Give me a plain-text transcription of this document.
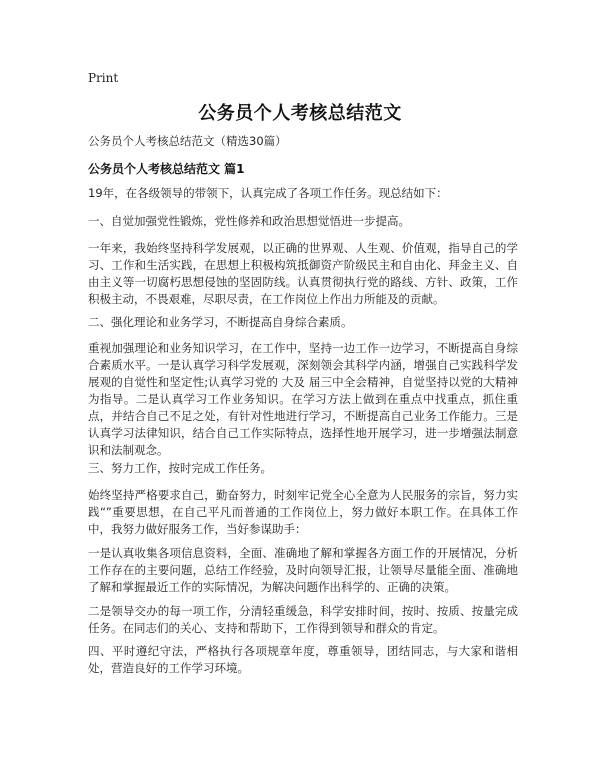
Print
公务员个人考核总结范文
公务员个人考核总结范文（精选30篇）
公务员个人考核总结范文 篇1
19年，在各级领导的带领下，认真完成了各项工作任务。现总结如下：
一、自觉加强党性锻炼，党性修养和政治思想觉悟进一步提高。
一年来，我始终坚持科学发展观，以正确的世界观、人生观、价值观，指导自己的学习、工作和生活实践，在思想上积极构筑抵御资产阶级民主和自由化、拜金主义、自由主义等一切腐朽思想侵蚀的坚固防线。认真贯彻执行党的路线、方针、政策，工作积极主动，不畏艰难，尽职尽责，在工作岗位上作出力所能及的贡献。
二、强化理论和业务学习，不断提高自身综合素质。
重视加强理论和业务知识学习，在工作中，坚持一边工作一边学习，不断提高自身综合素质水平。一是认真学习科学发展观，深刻领会其科学内涵，增强自己实践科学发展观的自觉性和坚定性;认真学习党的 大及 届三中全会精神，自觉坚持以党的大精神为指导。二是认真学习工作业务知识。在学习方法上做到在重点中找重点，抓住重点，并结合自己不足之处，有针对性地进行学习，不断提高自己业务工作能力。三是认真学习法律知识，结合自己工作实际特点，选择性地开展学习，进一步增强法制意识和法制观念。
三、努力工作，按时完成工作任务。
始终坚持严格要求自己，勤奋努力，时刻牢记党全心全意为人民服务的宗旨，努力实践“”重要思想，在自己平凡而普通的工作岗位上，努力做好本职工作。在具体工作中，我努力做好服务工作，当好参谋助手：
一是认真收集各项信息资料，全面、准确地了解和掌握各方面工作的开展情况，分析工作存在的主要问题，总结工作经验，及时向领导汇报，让领导尽量能全面、准确地了解和掌握最近工作的实际情况，为解决问题作出科学的、正确的决策。
二是领导交办的每一项工作，分清轻重缓急，科学安排时间，按时、按质、按量完成任务。在同志们的关心、支持和帮助下，工作得到领导和群众的肯定。
四、平时遵纪守法，严格执行各项规章年度，尊重领导，团结同志，与大家和谐相处，营造良好的工作学习环境。
